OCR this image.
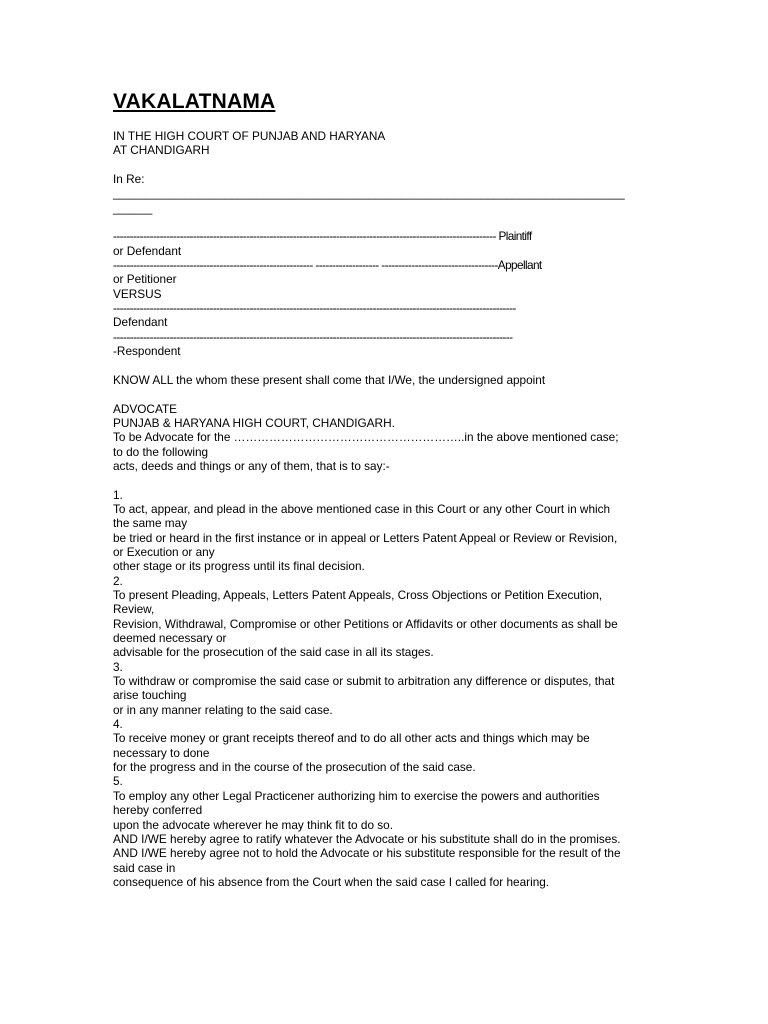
VAKALATNAMA
IN THE HIGH COURT OF PUNJAB AND HARYANA
AT CHANDIGARH
In Re:
______________________________________________________________________________
______
------------------------------------------------------------------------------------------------------------------- Plaintiff
or Defendant
------------------------------------------------------------ ------------------- -----------------------------------Appellant
or Petitioner
VERSUS
-------------------------------------------------------------------------------------------------------------------------
Defendant
------------------------------------------------------------------------------------------------------------------------
-Respondent
KNOW ALL the whom these present shall come that I/We, the undersigned appoint
ADVOCATE
PUNJAB & HARYANA HIGH COURT, CHANDIGARH.
To be Advocate for the …………………………………………………..in the above mentioned case;
to do the following
acts, deeds and things or any of them, that is to say:-
1.
To act, appear, and plead in the above mentioned case in this Court or any other Court in which
the same may
be tried or heard in the first instance or in appeal or Letters Patent Appeal or Review or Revision,
or Execution or any
other stage or its progress until its final decision.
2.
To present Pleading, Appeals, Letters Patent Appeals, Cross Objections or Petition Execution,
Review,
Revision, Withdrawal, Compromise or other Petitions or Affidavits or other documents as shall be
deemed necessary or
advisable for the prosecution of the said case in all its stages.
3.
To withdraw or compromise the said case or submit to arbitration any difference or disputes, that
arise touching
or in any manner relating to the said case.
4.
To receive money or grant receipts thereof and to do all other acts and things which may be
necessary to done
for the progress and in the course of the prosecution of the said case.
5.
To employ any other Legal Practicener authorizing him to exercise the powers and authorities
hereby conferred
upon the advocate wherever he may think fit to do so.
AND I/WE hereby agree to ratify whatever the Advocate or his substitute shall do in the promises.
AND I/WE hereby agree not to hold the Advocate or his substitute responsible for the result of the
said case in
consequence of his absence from the Court when the said case I called for hearing.
